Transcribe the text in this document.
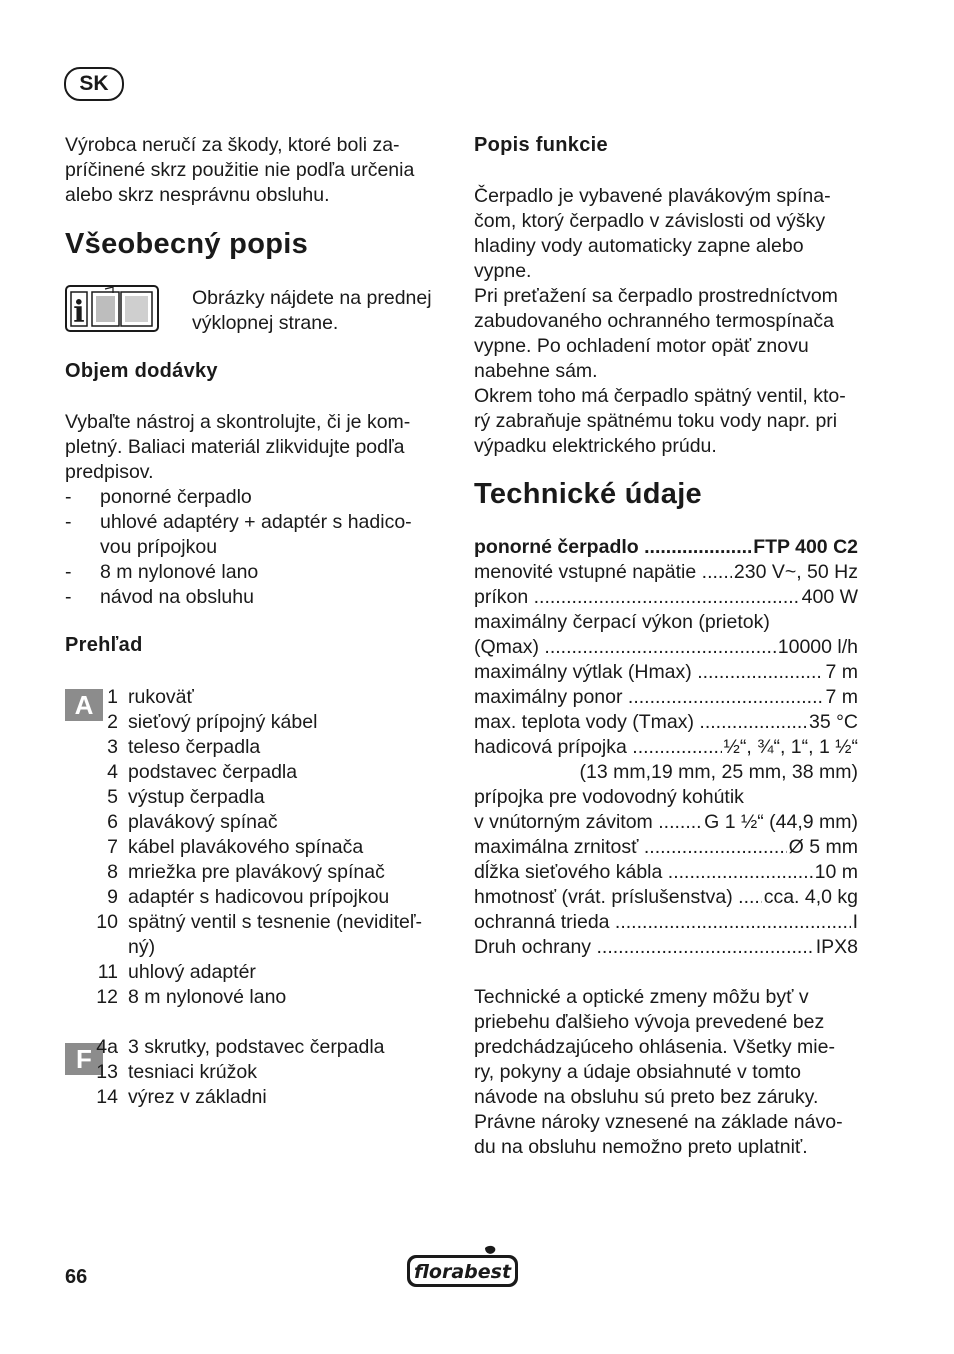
SK

Výrobca neručí za škody, ktoré boli za-

príčinené skrz použitie nie podľa určenia

alebo skrz nesprávnu obsluhu.

Všeobecný popis
i	Obrázky nájdete na prednej

výklopnej strane.

Objem dodávky

Vybaľte nástroj a skontrolujte, či je kom-

pletný. Baliaci materiál zlikvidujte podľa

predpisov.

- ponorné čerpadlo
- uhlové adaptéry + adaptér s hadico-
vou prípojkou
- 8 m nylonové lano
- návod na obsluhu
Prehľad
A 1 rukoväť
2 sieťový prípojný kábel
3 teleso čerpadla
4 podstavec čerpadla
5 výstup čerpadla
6 plavákový spínač
7 kábel plavákového spínača
8 mriežka pre plavákový spínač
9 adaptér s hadicovou prípojkou
10 spätný ventil s tesnenie (neviditeľ-
ný)
11 uhlový adaptér
12 8 m nylonové lano
F 4a 3 skrutky, podstavec čerpadla
13 tesniaci krúžok
14 výrez v základni
Popis funkcie

Čerpadlo je vybavené plavákovým spína-

čom, ktorý čerpadlo v závislosti od výšky

hladiny vody automaticky zapne alebo

vypne.

Pri preťažení sa čerpadlo prostredníctvom

zabudovaného ochranného termospínača

vypne. Po ochladení motor opäť znovu

nabehne sám.

Okrem toho má čerpadlo spätný ventil, kto-

rý zabraňuje spätnému toku vody napr. pri

výpadku elektrického prúdu.

Technické údaje
ponorné čerpadlo .....	FTP 400 C2
menovité vstupné napätie .....	230 V~, 50 Hz
príkon .....	400 W

maximálny čerpací výkon (prietok)

(Qmax) .....	10000 l/h
maximálny výtlak (Hmax) .....	7 m
maximálny ponor .....	7 m
max. teplota vody (Tmax) .....	35 °C
hadicová prípojka .....	½“, ¾“, 1“, 1 ½“

(13 mm,19 mm, 25 mm, 38 mm)

prípojka pre vodovodný kohútik

v vnútorným závitom .....	G 1 ½“ (44,9 mm)
maximálna zrnitosť .....	Ø 5 mm
dĺžka sieťového kábla .....	10 m
hmotnosť (vrát. príslušenstva) .....	cca. 4,0 kg
ochranná trieda .....	I
Druh ochrany .....	IPX8

Technické a optické zmeny môžu byť v

priebehu ďalšieho vývoja prevedené bez

predchádzajúceho ohlásenia. Všetky mie-

ry, pokyny a údaje obsiahnuté v tomto

návode na obsluhu sú preto bez záruky.

Právne nároky vznesené na základe návo-

du na obsluhu nemožno preto uplatniť.

66	florabest
